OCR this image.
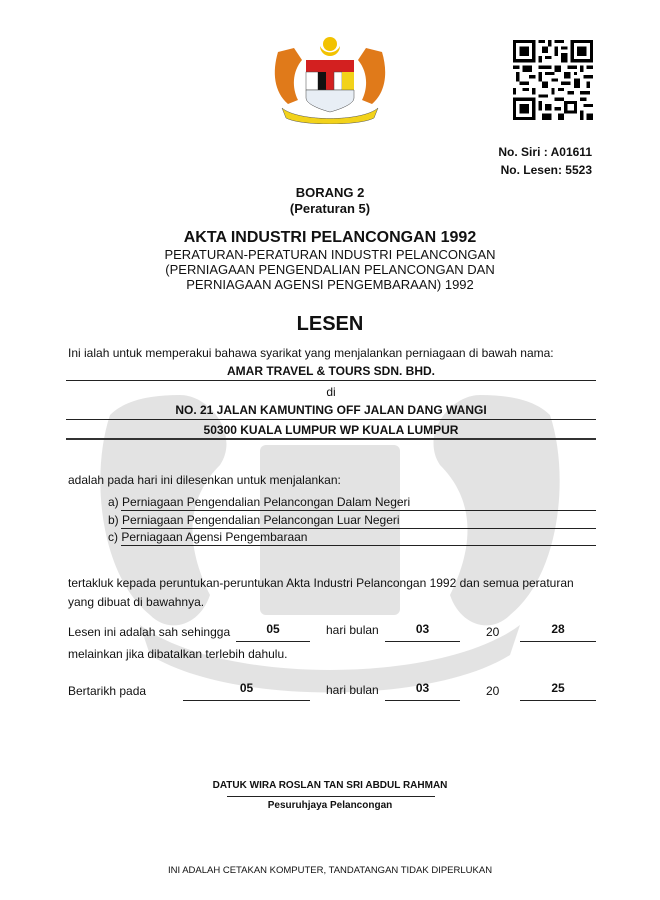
No. Siri : A01611
No. Lesen: 5523
BORANG 2
(Peraturan 5)
AKTA INDUSTRI PELANCONGAN 1992
PERATURAN-PERATURAN INDUSTRI PELANCONGAN
(PERNIAGAAN PENGENDALIAN PELANCONGAN DAN
PERNIAGAAN AGENSI PENGEMBARAAN) 1992
LESEN
Ini ialah untuk memperakui bahawa syarikat yang menjalankan perniagaan di bawah nama:
AMAR TRAVEL & TOURS SDN. BHD.
di
NO. 21 JALAN KAMUNTING OFF JALAN DANG WANGI
50300 KUALA LUMPUR WP KUALA LUMPUR
adalah pada hari ini dilesenkan untuk menjalankan:
a) Perniagaan Pengendalian Pelancongan Dalam Negeri
b) Perniagaan Pengendalian Pelancongan Luar Negeri
c) Perniagaan Agensi Pengembaraan
tertakluk kepada peruntukan-peruntukan Akta Industri Pelancongan 1992 dan semua peraturan
yang dibuat di bawahnya.
Lesen ini adalah sah sehingga	05	hari bulan	03	20	28
melainkan jika dibatalkan terlebih dahulu.
Bertarikh pada	05	hari bulan	03	20	25
DATUK WIRA ROSLAN TAN SRI ABDUL RAHMAN
Pesuruhjaya Pelancongan
INI ADALAH CETAKAN KOMPUTER, TANDATANGAN TIDAK DIPERLUKAN
